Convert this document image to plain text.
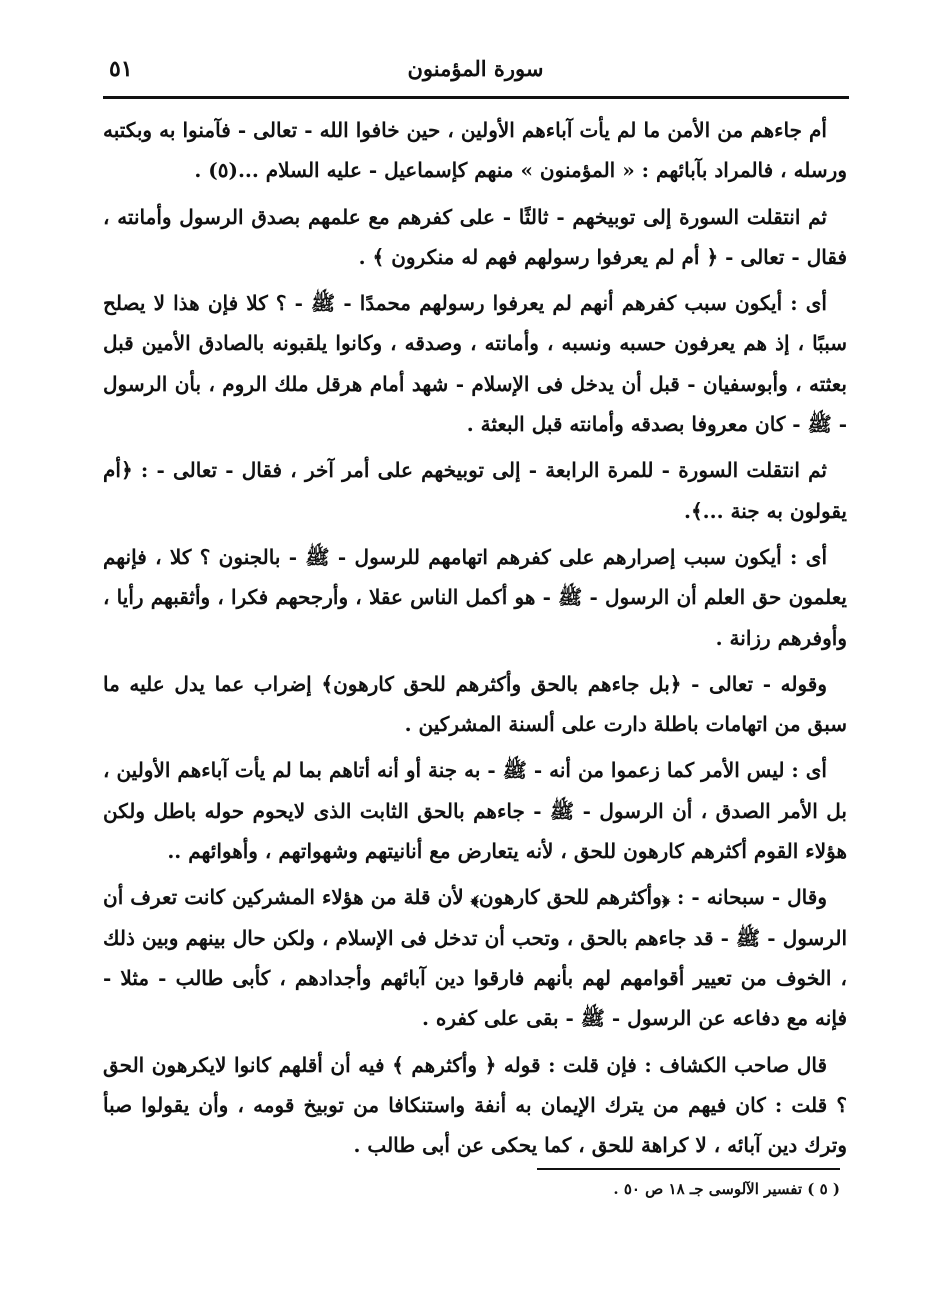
سورة المؤمنون
٥١

أم جاءهم من الأمن ما لم يأت آباءهم الأولين ، حين خافوا الله - تعالى - فآمنوا به وبكتبه ورسله ، فالمراد بآبائهم : « المؤمنون » منهم كإسماعيل - عليه السلام ...(٥) .

ثم انتقلت السورة إلى توبيخهم - ثالثًا - على كفرهم مع علمهم بصدق الرسول وأمانته ، فقال - تعالى - ﴿ أم لم يعرفوا رسولهم فهم له منكرون ﴾ .

أى : أيكون سبب كفرهم أنهم لم يعرفوا رسولهم محمدًا - ﷺ - ؟ كلا فإن هذا لا يصلح سببًا ، إذ هم يعرفون حسبه ونسبه ، وأمانته ، وصدقه ، وكانوا يلقبونه بالصادق الأمين قبل بعثته ، وأبوسفيان - قبل أن يدخل فى الإسلام - شهد أمام هرقل ملك الروم ، بأن الرسول - ﷺ - كان معروفا بصدقه وأمانته قبل البعثة .

ثم انتقلت السورة - للمرة الرابعة - إلى توبيخهم على أمر آخر ، فقال - تعالى - : ﴿أم يقولون به جنة ...﴾.

أى : أيكون سبب إصرارهم على كفرهم اتهامهم للرسول - ﷺ - بالجنون ؟ كلا ، فإنهم يعلمون حق العلم أن الرسول - ﷺ - هو أكمل الناس عقلا ، وأرجحهم فكرا ، وأثقبهم رأيا ، وأوفرهم رزانة .

وقوله - تعالى - ﴿بل جاءهم بالحق وأكثرهم للحق كارهون﴾ إضراب عما يدل عليه ما سبق من اتهامات باطلة دارت على ألسنة المشركين .

أى : ليس الأمر كما زعموا من أنه - ﷺ - به جنة أو أنه أتاهم بما لم يأت آباءهم الأولين ، بل الأمر الصدق ، أن الرسول - ﷺ - جاءهم بالحق الثابت الذى لايحوم حوله باطل ولكن هؤلاء القوم أكثرهم كارهون للحق ، لأنه يتعارض مع أنانيتهم وشهواتهم ، وأهوائهم ..

وقال - سبحانه - : ﴿وأكثرهم للحق كارهون﴾ لأن قلة من هؤلاء المشركين كانت تعرف أن الرسول - ﷺ - قد جاءهم بالحق ، وتحب أن تدخل فى الإسلام ، ولكن حال بينهم وبين ذلك ، الخوف من تعيير أقوامهم لهم بأنهم فارقوا دين آبائهم وأجدادهم ، كأبى طالب - مثلا - فإنه مع دفاعه عن الرسول - ﷺ - بقى على كفره .

قال صاحب الكشاف : فإن قلت : قوله ﴿ وأكثرهم ﴾ فيه أن أقلهم كانوا لايكرهون الحق ؟ قلت : كان فيهم من يترك الإيمان به أنفة واستنكافا من توبيخ قومه ، وأن يقولوا صبأ وترك دين آبائه ، لا كراهة للحق ، كما يحكى عن أبى طالب .

( ٥ ) تفسير الآلوسى جـ ١٨ ص ٥٠ .
